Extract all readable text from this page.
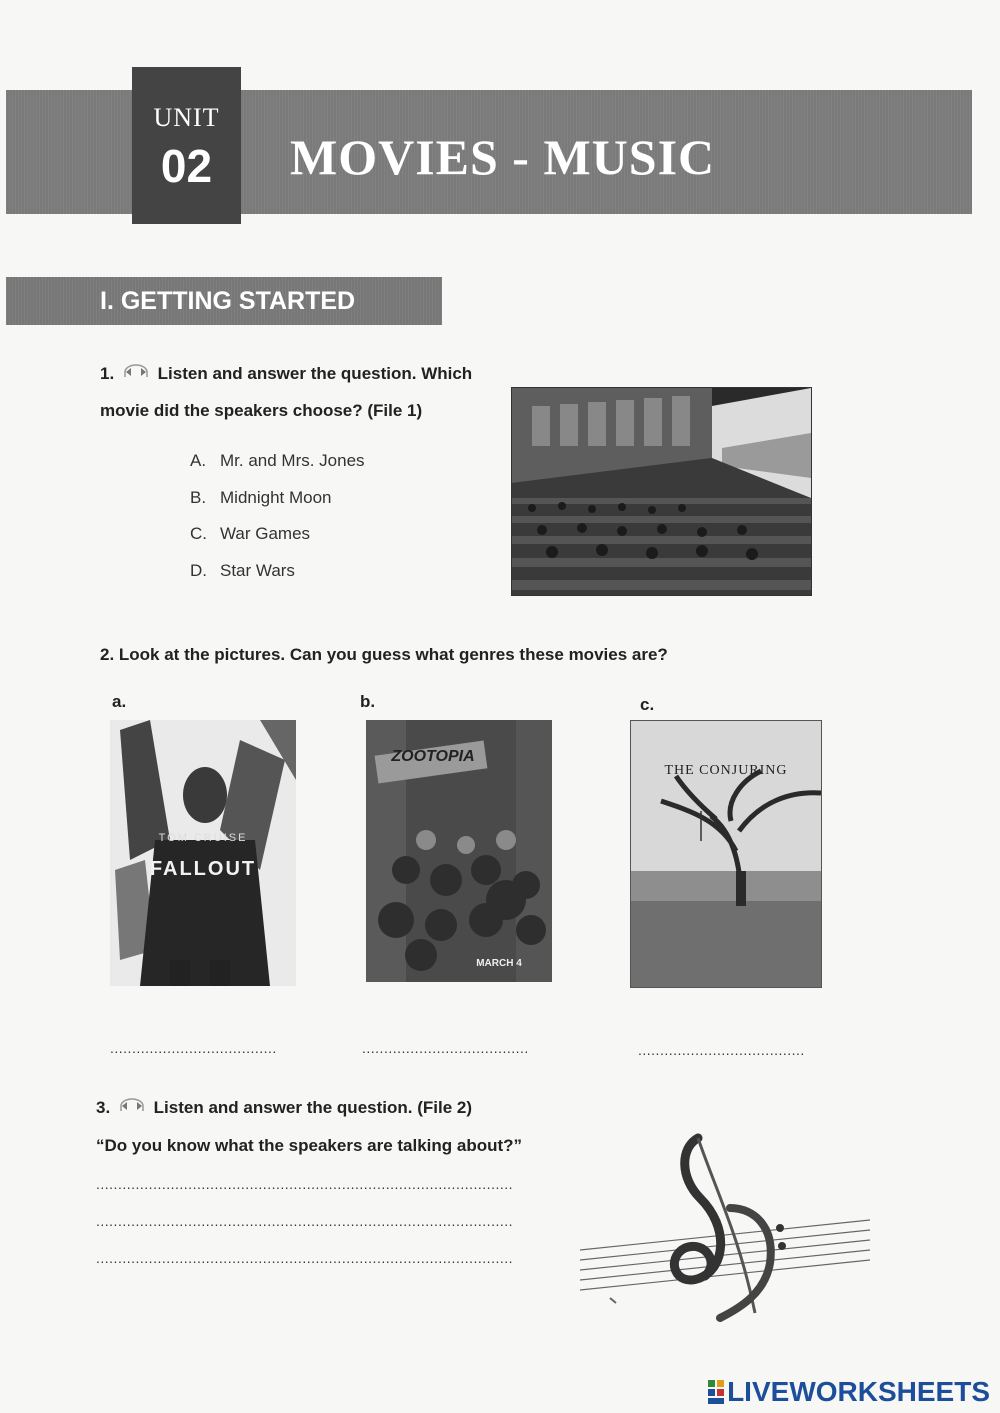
UNIT
02	MOVIES - MUSIC
I. GETTING STARTED
1.	Listen and answer the question. Which
movie did the speakers choose? (File 1)
A. Mr. and Mrs. Jones
B. Midnight Moon
C. War Games
D. Star Wars
2. Look at the pictures. Can you guess what genres these movies are?
a.	b.	c.
TOM CRUISE
FALLOUT
ZOOTOPIA
MARCH 4
THE CONJURING
......................................	......................................	......................................
3.	Listen and answer the question. (File 2)
“Do you know what the speakers are talking about?”
...............................................................................................
...............................................................................................
...............................................................................................
LIVEWORKSHEETS
